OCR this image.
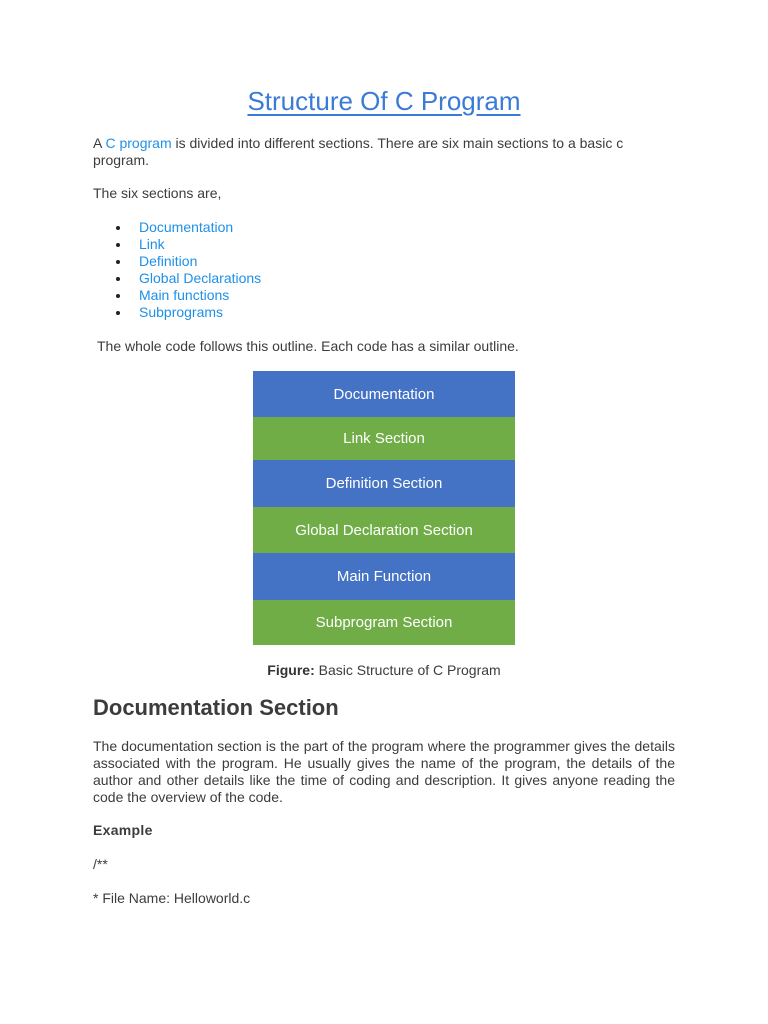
Structure Of C Program

A C program is divided into different sections. There are six main sections to a basic c program.

The six sections are,

Documentation
Link
Definition
Global Declarations
Main functions
Subprograms

The whole code follows this outline. Each code has a similar outline.

Documentation
Link Section
Definition Section
Global Declaration Section
Main Function
Subprogram Section

Figure: Basic Structure of C Program

Documentation Section

The documentation section is the part of the program where the programmer gives the details associated with the program. He usually gives the name of the program, the details of the author and other details like the time of coding and description. It gives anyone reading the code the overview of the code.

Example

/**

* File Name: Helloworld.c
